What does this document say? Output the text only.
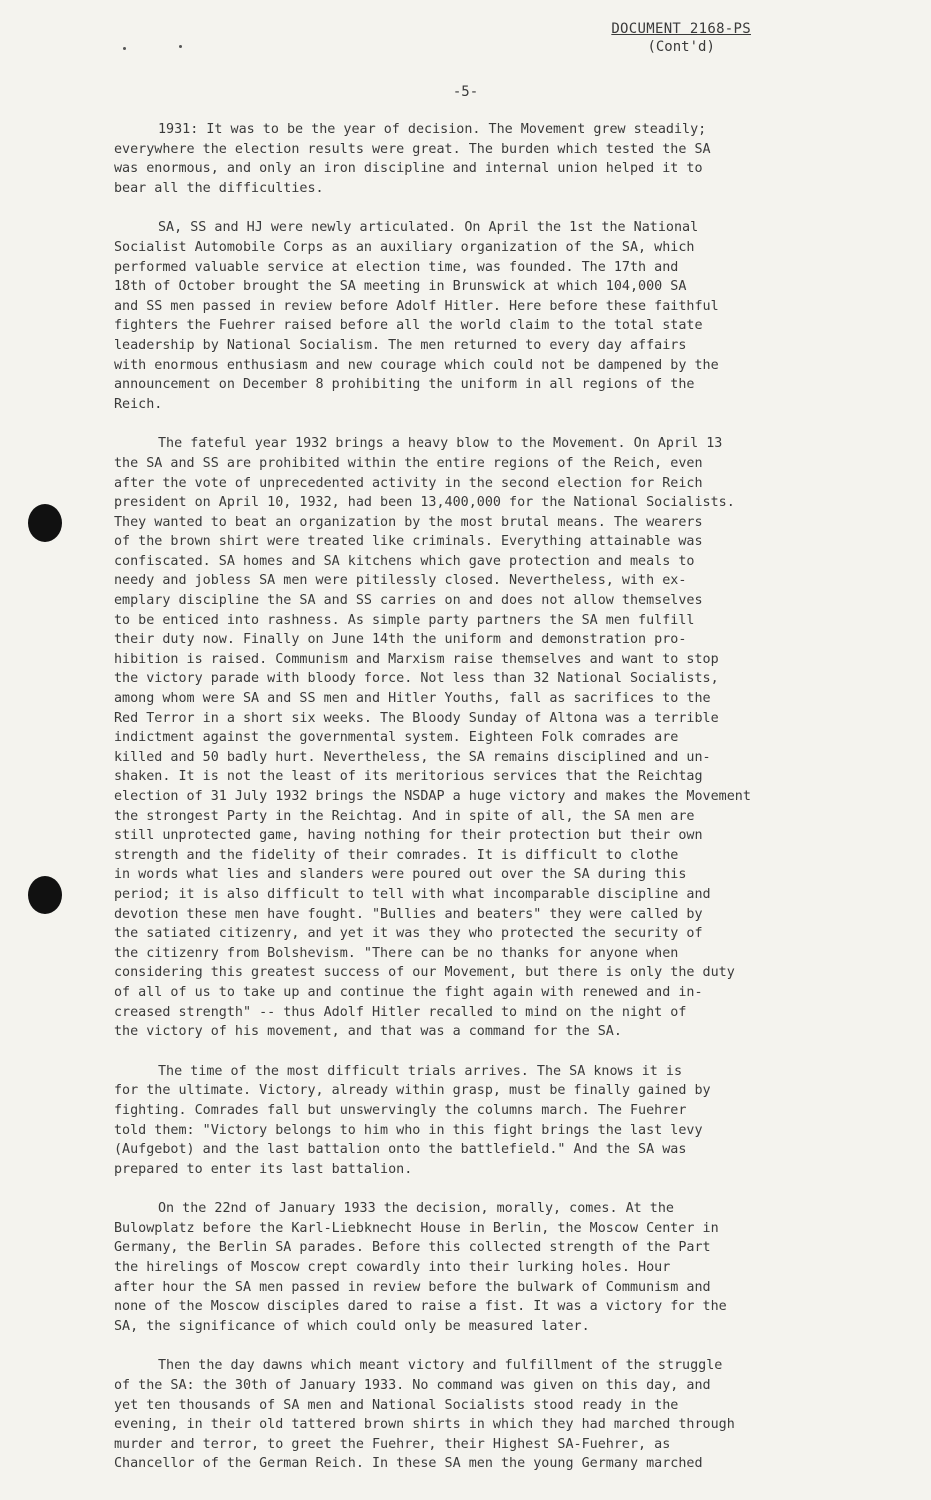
DOCUMENT 2168-PS
(Cont'd)
-5-

1931: It was to be the year of decision. The Movement grew steadily;
everywhere the election results were great. The burden which tested the SA
was enormous, and only an iron discipline and internal union helped it to
bear all the difficulties.

SA, SS and HJ were newly articulated. On April the 1st the National
Socialist Automobile Corps as an auxiliary organization of the SA, which
performed valuable service at election time, was founded. The 17th and
18th of October brought the SA meeting in Brunswick at which 104,000 SA
and SS men passed in review before Adolf Hitler. Here before these faithful
fighters the Fuehrer raised before all the world claim to the total state
leadership by National Socialism. The men returned to every day affairs
with enormous enthusiasm and new courage which could not be dampened by the
announcement on December 8 prohibiting the uniform in all regions of the
Reich.

The fateful year 1932 brings a heavy blow to the Movement. On April 13
the SA and SS are prohibited within the entire regions of the Reich, even
after the vote of unprecedented activity in the second election for Reich
president on April 10, 1932, had been 13,400,000 for the National Socialists.
They wanted to beat an organization by the most brutal means. The wearers
of the brown shirt were treated like criminals. Everything attainable was
confiscated. SA homes and SA kitchens which gave protection and meals to
needy and jobless SA men were pitilessly closed. Nevertheless, with ex-
emplary discipline the SA and SS carries on and does not allow themselves
to be enticed into rashness. As simple party partners the SA men fulfill
their duty now. Finally on June 14th the uniform and demonstration pro-
hibition is raised. Communism and Marxism raise themselves and want to stop
the victory parade with bloody force. Not less than 32 National Socialists,
among whom were SA and SS men and Hitler Youths, fall as sacrifices to the
Red Terror in a short six weeks. The Bloody Sunday of Altona was a terrible
indictment against the governmental system. Eighteen Folk comrades are
killed and 50 badly hurt. Nevertheless, the SA remains disciplined and un-
shaken. It is not the least of its meritorious services that the Reichtag
election of 31 July 1932 brings the NSDAP a huge victory and makes the Movement
the strongest Party in the Reichtag. And in spite of all, the SA men are
still unprotected game, having nothing for their protection but their own
strength and the fidelity of their comrades. It is difficult to clothe
in words what lies and slanders were poured out over the SA during this
period; it is also difficult to tell with what incomparable discipline and
devotion these men have fought. "Bullies and beaters" they were called by
the satiated citizenry, and yet it was they who protected the security of
the citizenry from Bolshevism. "There can be no thanks for anyone when
considering this greatest success of our Movement, but there is only the duty
of all of us to take up and continue the fight again with renewed and in-
creased strength" -- thus Adolf Hitler recalled to mind on the night of
the victory of his movement, and that was a command for the SA.

The time of the most difficult trials arrives. The SA knows it is
for the ultimate. Victory, already within grasp, must be finally gained by
fighting. Comrades fall but unswervingly the columns march. The Fuehrer
told them: "Victory belongs to him who in this fight brings the last levy
(Aufgebot) and the last battalion onto the battlefield." And the SA was
prepared to enter its last battalion.

On the 22nd of January 1933 the decision, morally, comes. At the
Bulowplatz before the Karl-Liebknecht House in Berlin, the Moscow Center in
Germany, the Berlin SA parades. Before this collected strength of the Part
the hirelings of Moscow crept cowardly into their lurking holes. Hour
after hour the SA men passed in review before the bulwark of Communism and
none of the Moscow disciples dared to raise a fist. It was a victory for the
SA, the significance of which could only be measured later.

Then the day dawns which meant victory and fulfillment of the struggle
of the SA: the 30th of January 1933. No command was given on this day, and
yet ten thousands of SA men and National Socialists stood ready in the
evening, in their old tattered brown shirts in which they had marched through
murder and terror, to greet the Fuehrer, their Highest SA-Fuehrer, as
Chancellor of the German Reich. In these SA men the young Germany marched
